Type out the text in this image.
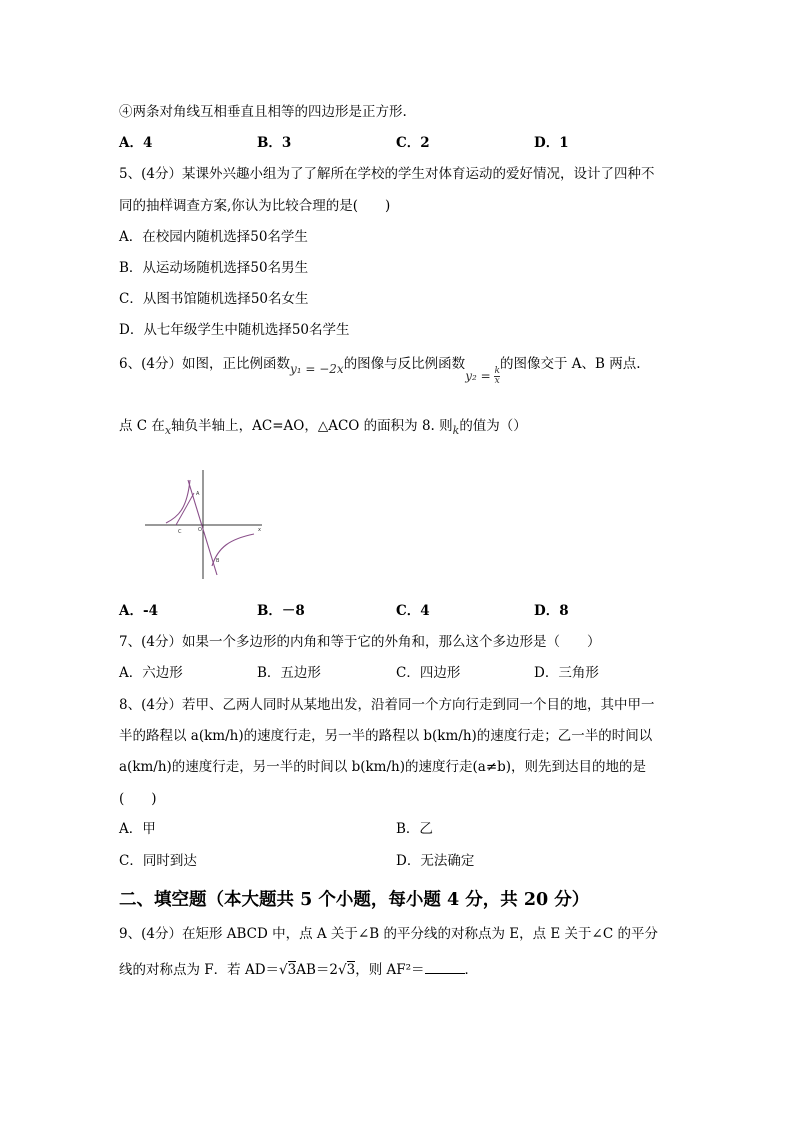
④两条对角线互相垂直且相等的四边形是正方形.
A．4	B．3	C．2	D．1
5、(4分）某课外兴趣小组为了了解所在学校的学生对体育运动的爱好情况，设计了四种不
同的抽样调查方案,你认为比较合理的是(　　)
A．在校园内随机选择50名学生
B．从运动场随机选择50名男生
C．从图书馆随机选择50名女生
D．从七年级学生中随机选择50名学生
6、(4分）如图，正比例函数y₁ = −2x的图像与反比例函数$y_2 = \frac{k}{x}$
的图像交于 A、B 两点.
点 C 在$_x$轴负半轴上，AC=AO，△ACO 的面积为 8. 则$_k$的值为（）
A
C	O
B
x
A．-4	B．－8	C．4	D．8
7、(4分）如果一个多边形的内角和等于它的外角和，那么这个多边形是（　　）
A．六边形	B．五边形	C．四边形	D．三角形
8、(4分）若甲、乙两人同时从某地出发，沿着同一个方向行走到同一个目的地，其中甲一
半的路程以 a(km/h)的速度行走，另一半的路程以 b(km/h)的速度行走；乙一半的时间以
a(km/h)的速度行走，另一半的时间以 b(km/h)的速度行走(a≠b)，则先到达目的地的是
(　　)
A．甲	B．乙
C．同时到达	D．无法确定
二、填空题（本大题共 5 个小题，每小题 4 分，共 20 分）
9、(4分）在矩形 ABCD 中，点 A 关于∠B 的平分线的对称点为 E，点 E 关于∠C 的平分
线的对称点为 F．若 AD＝√3AB＝2√3，则 AF²＝	．
